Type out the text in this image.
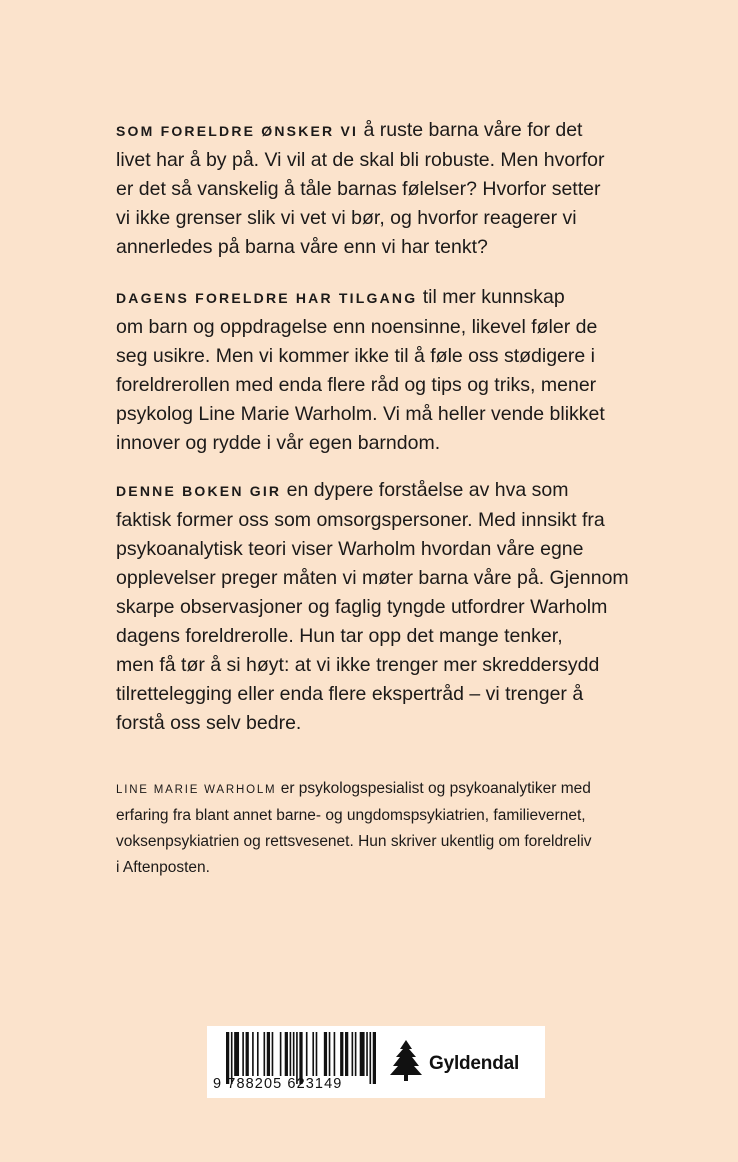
SOM FORELDRE ØNSKER VI å ruste barna våre for det
livet har å by på. Vi vil at de skal bli robuste. Men hvorfor
er det så vanskelig å tåle barnas følelser? Hvorfor setter
vi ikke grenser slik vi vet vi bør, og hvorfor reagerer vi
annerledes på barna våre enn vi har tenkt?

DAGENS FORELDRE HAR TILGANG til mer kunnskap
om barn og oppdragelse enn noensinne, likevel føler de
seg usikre. Men vi kommer ikke til å føle oss stødigere i
foreldrerollen med enda flere råd og tips og triks, mener
psykolog Line Marie Warholm. Vi må heller vende blikket
innover og rydde i vår egen barndom.

DENNE BOKEN GIR en dypere forståelse av hva som
faktisk former oss som omsorgspersoner. Med innsikt fra
psykoanalytisk teori viser Warholm hvordan våre egne
opplevelser preger måten vi møter barna våre på. Gjennom
skarpe observasjoner og faglig tyngde utfordrer Warholm
dagens foreldrerolle. Hun tar opp det mange tenker,
men få tør å si høyt: at vi ikke trenger mer skreddersydd
tilrettelegging eller enda flere ekspertråd – vi trenger å
forstå oss selv bedre.

LINE MARIE WARHOLM er psykologspesialist og psykoanalytiker med
erfaring fra blant annet barne- og ungdomspsykiatrien, familievernet,
voksenpsykiatrien og rettsvesenet. Hun skriver ukentlig om foreldreliv
i Aftenposten.

9 788205 623149
Gyldendal
